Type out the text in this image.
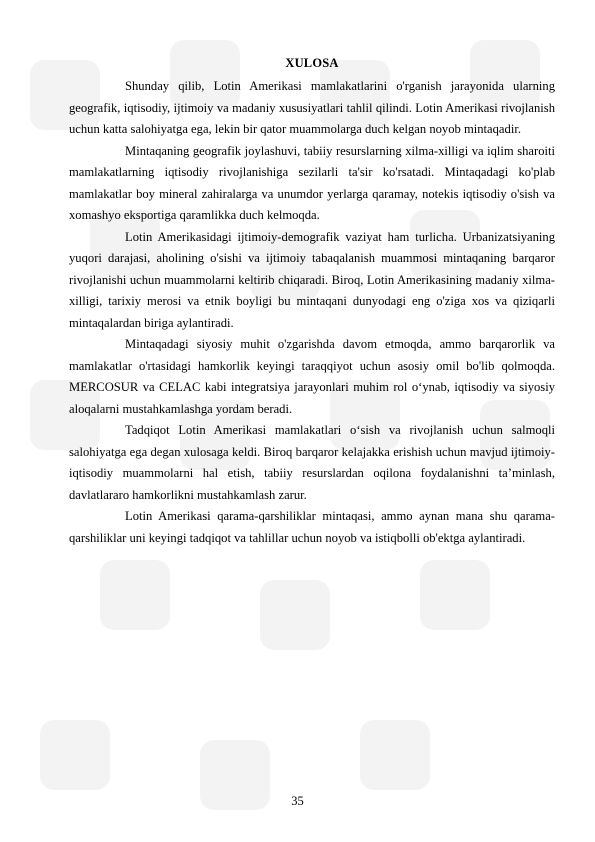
XULOSA

Shunday qilib, Lotin Amerikasi mamlakatlarini o'rganish jarayonida ularning geografik, iqtisodiy, ijtimoiy va madaniy xususiyatlari tahlil qilindi. Lotin Amerikasi rivojlanish uchun katta salohiyatga ega, lekin bir qator muammolarga duch kelgan noyob mintaqadir.

Mintaqaning geografik joylashuvi, tabiiy resurslarning xilma-xilligi va iqlim sharoiti mamlakatlarning iqtisodiy rivojlanishiga sezilarli ta'sir ko'rsatadi. Mintaqadagi ko'plab mamlakatlar boy mineral zahiralarga va unumdor yerlarga qaramay, notekis iqtisodiy o'sish va xomashyo eksportiga qaramlikka duch kelmoqda.

Lotin Amerikasidagi ijtimoiy-demografik vaziyat ham turlicha. Urbanizatsiyaning yuqori darajasi, aholining o'sishi va ijtimoiy tabaqalanish muammosi mintaqaning barqaror rivojlanishi uchun muammolarni keltirib chiqaradi. Biroq, Lotin Amerikasining madaniy xilma-xilligi, tarixiy merosi va etnik boyligi bu mintaqani dunyodagi eng o'ziga xos va qiziqarli mintaqalardan biriga aylantiradi.

Mintaqadagi siyosiy muhit o'zgarishda davom etmoqda, ammo barqarorlik va mamlakatlar o'rtasidagi hamkorlik keyingi taraqqiyot uchun asosiy omil bo'lib qolmoqda. MERCOSUR va CELAC kabi integratsiya jarayonlari muhim rol o‘ynab, iqtisodiy va siyosiy aloqalarni mustahkamlashga yordam beradi.

Tadqiqot Lotin Amerikasi mamlakatlari o‘sish va rivojlanish uchun salmoqli salohiyatga ega degan xulosaga keldi. Biroq barqaror kelajakka erishish uchun mavjud ijtimoiy-iqtisodiy muammolarni hal etish, tabiiy resurslardan oqilona foydalanishni ta’minlash, davlatlararo hamkorlikni mustahkamlash zarur.

Lotin Amerikasi qarama-qarshiliklar mintaqasi, ammo aynan mana shu qarama-qarshiliklar uni keyingi tadqiqot va tahlillar uchun noyob va istiqbolli ob'ektga aylantiradi.

35
